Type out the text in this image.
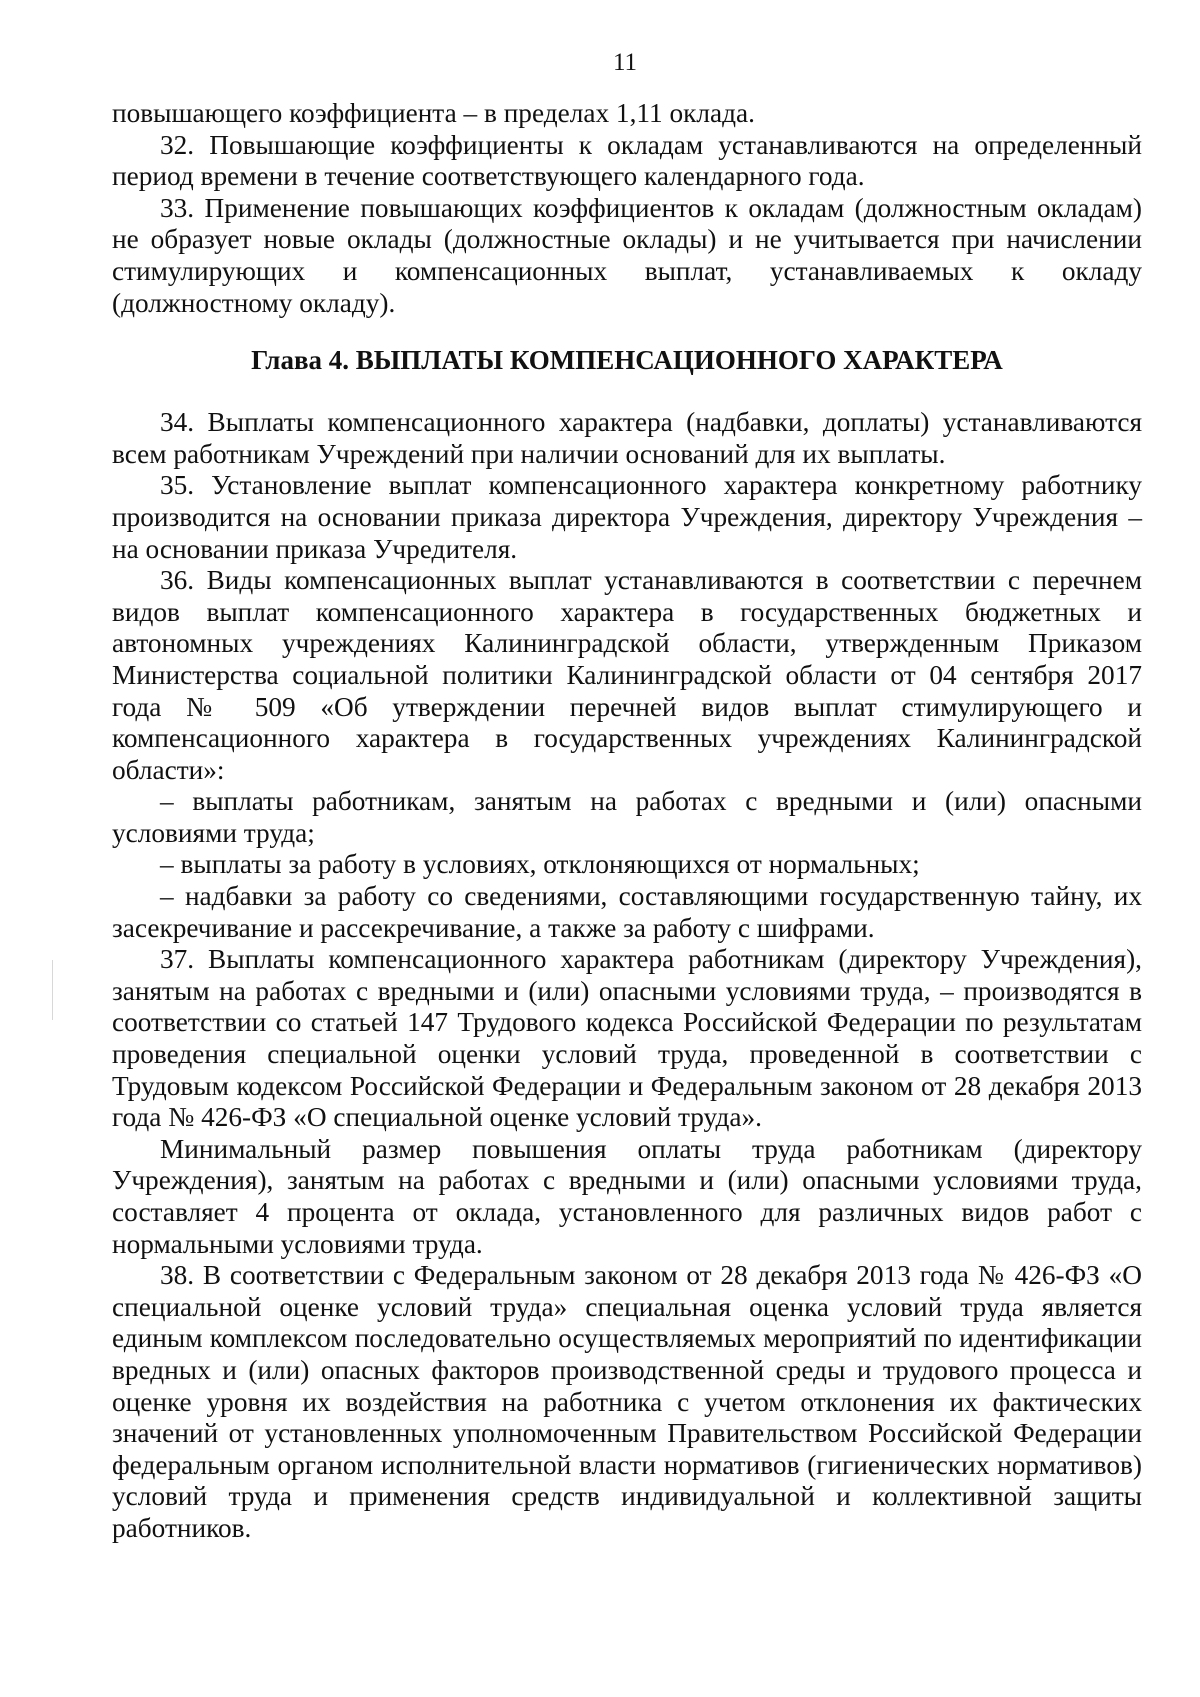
11

повышающего коэффициента – в пределах 1,11 оклада.

32. Повышающие коэффициенты к окладам устанавливаются на определенный период времени в течение соответствующего календарного года.

33. Применение повышающих коэффициентов к окладам (должностным окладам) не образует новые оклады (должностные оклады) и не учитывается при начислении стимулирующих и компенсационных выплат, устанавливаемых к окладу (должностному окладу).

Глава 4. ВЫПЛАТЫ КОМПЕНСАЦИОННОГО ХАРАКТЕРА

34. Выплаты компенсационного характера (надбавки, доплаты) устанавливаются всем работникам Учреждений при наличии оснований для их выплаты.

35. Установление выплат компенсационного характера конкретному работнику производится на основании приказа директора Учреждения, директору Учреждения – на основании приказа Учредителя.

36. Виды компенсационных выплат устанавливаются в соответствии с перечнем видов выплат компенсационного характера в государственных бюджетных и автономных учреждениях Калининградской области, утвержденным Приказом Министерства социальной политики Калининградской области от 04 сентября 2017 года № 509 «Об утверждении перечней видов выплат стимулирующего и компенсационного характера в государственных учреждениях Калининградской области»:

– выплаты работникам, занятым на работах с вредными и (или) опасными условиями труда;

– выплаты за работу в условиях, отклоняющихся от нормальных;

– надбавки за работу со сведениями, составляющими государственную тайну, их засекречивание и рассекречивание, а также за работу с шифрами.

37. Выплаты компенсационного характера работникам (директору Учреждения), занятым на работах с вредными и (или) опасными условиями труда, – производятся в соответствии со статьей 147 Трудового кодекса Российской Федерации по результатам проведения специальной оценки условий труда, проведенной в соответствии с Трудовым кодексом Российской Федерации и Федеральным законом от 28 декабря 2013 года № 426-ФЗ «О специальной оценке условий труда».

Минимальный размер повышения оплаты труда работникам (директору Учреждения), занятым на работах с вредными и (или) опасными условиями труда, составляет 4 процента от оклада, установленного для различных видов работ с нормальными условиями труда.

38. В соответствии с Федеральным законом от 28 декабря 2013 года № 426-ФЗ «О специальной оценке условий труда» специальная оценка условий труда является единым комплексом последовательно осуществляемых мероприятий по идентификации вредных и (или) опасных факторов производственной среды и трудового процесса и оценке уровня их воздействия на работника с учетом отклонения их фактических значений от установленных уполномоченным Правительством Российской Федерации федеральным органом исполнительной власти нормативов (гигиенических нормативов) условий труда и применения средств индивидуальной и коллективной защиты работников.
